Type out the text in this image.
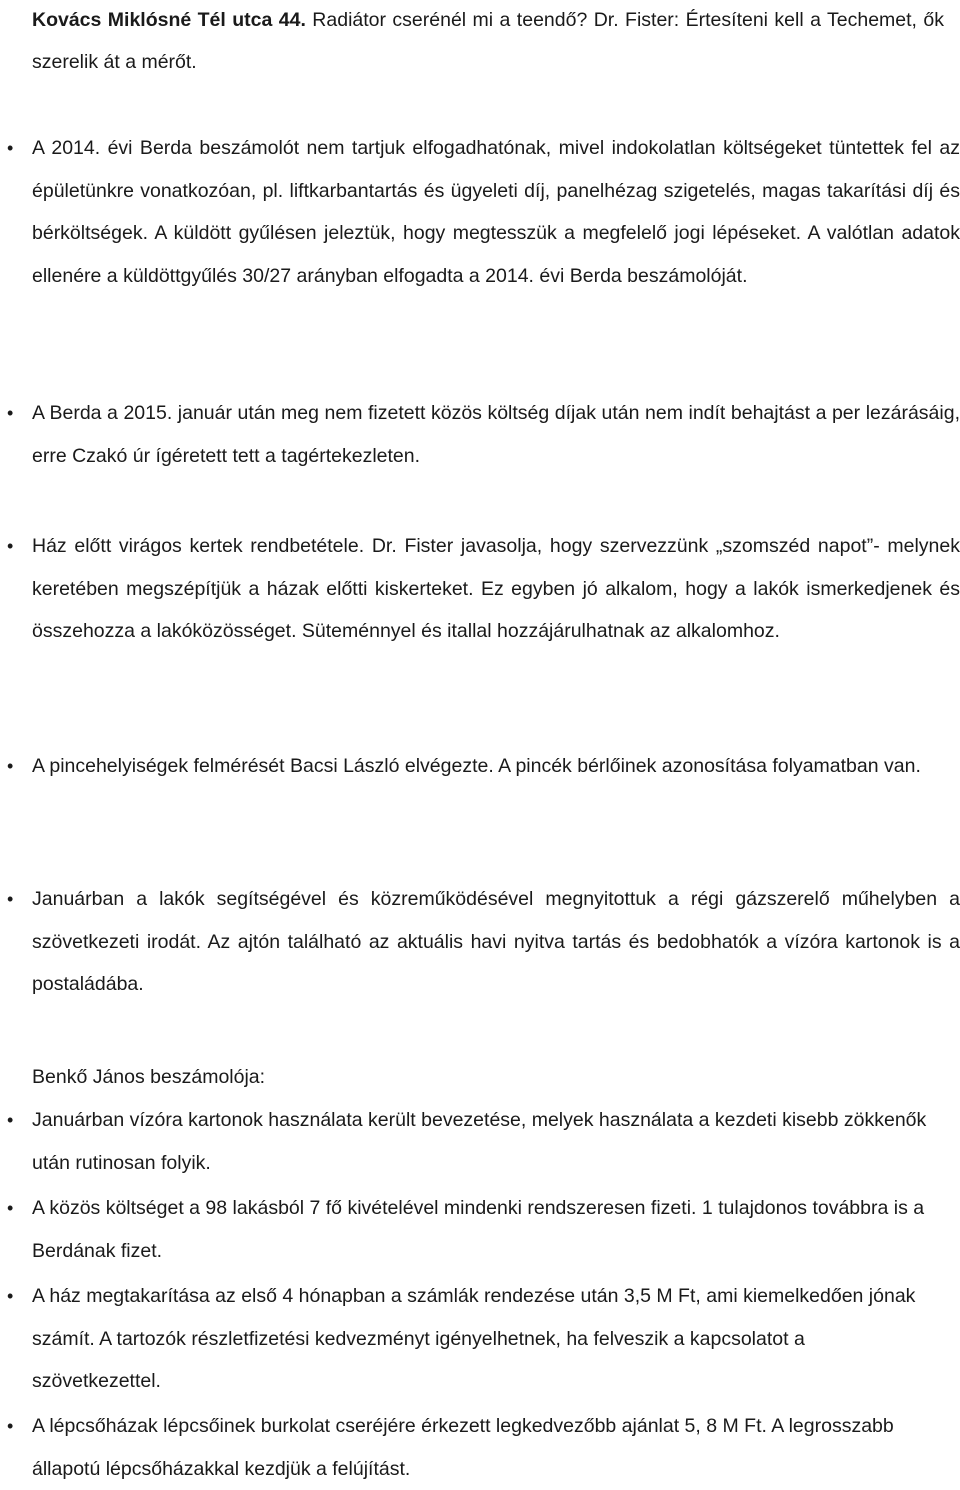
Kovács Miklósné Tél utca 44. Radiátor cserénél mi a teendő? Dr. Fister: Értesíteni kell a Techemet, ők szerelik át a mérőt.

• A 2014. évi Berda beszámolót nem tartjuk elfogadhatónak, mivel indokolatlan költségeket tüntettek fel az épületünkre vonatkozóan, pl. liftkarbantartás és ügyeleti díj, panelhézag szigetelés, magas takarítási díj és bérköltségek. A küldött gyűlésen jeleztük, hogy megtesszük a megfelelő jogi lépéseket. A valótlan adatok ellenére a küldöttgyűlés 30/27 arányban elfogadta a 2014. évi Berda beszámolóját.
• A Berda a 2015. január után meg nem fizetett közös költség díjak után nem indít behajtást a per lezárásáig, erre Czakó úr ígéretett tett a tagértekezleten.
• Ház előtt virágos kertek rendbetétele. Dr. Fister javasolja, hogy szervezzünk „szomszéd napot”- melynek keretében megszépítjük a házak előtti kiskerteket. Ez egyben jó alkalom, hogy a lakók ismerkedjenek és összehozza a lakóközösséget. Süteménnyel és itallal hozzájárulhatnak az alkalomhoz.
• A pincehelyiségek felmérését Bacsi László elvégezte. A pincék bérlőinek azonosítása folyamatban van.
• Januárban a lakók segítségével és közreműködésével megnyitottuk a régi gázszerelő műhelyben a szövetkezeti irodát. Az ajtón található az aktuális havi nyitva tartás és bedobhatók a vízóra kartonok is a postaládába.

Benkő János beszámolója:

• Januárban vízóra kartonok használata került bevezetése, melyek használata a kezdeti kisebb zökkenők után rutinosan folyik.
• A közös költséget a 98 lakásból 7 fő kivételével mindenki rendszeresen fizeti. 1 tulajdonos továbbra is a Berdának fizet.
• A ház megtakarítása az első 4 hónapban a számlák rendezése után 3,5 M Ft, ami kiemelkedően jónak számít. A tartozók részletfizetési kedvezményt igényelhetnek, ha felveszik a kapcsolatot a szövetkezettel.
• A lépcsőházak lépcsőinek burkolat cseréjére érkezett legkedvezőbb ajánlat 5, 8 M Ft. A legrosszabb állapotú lépcsőházakkal kezdjük a felújítást.
